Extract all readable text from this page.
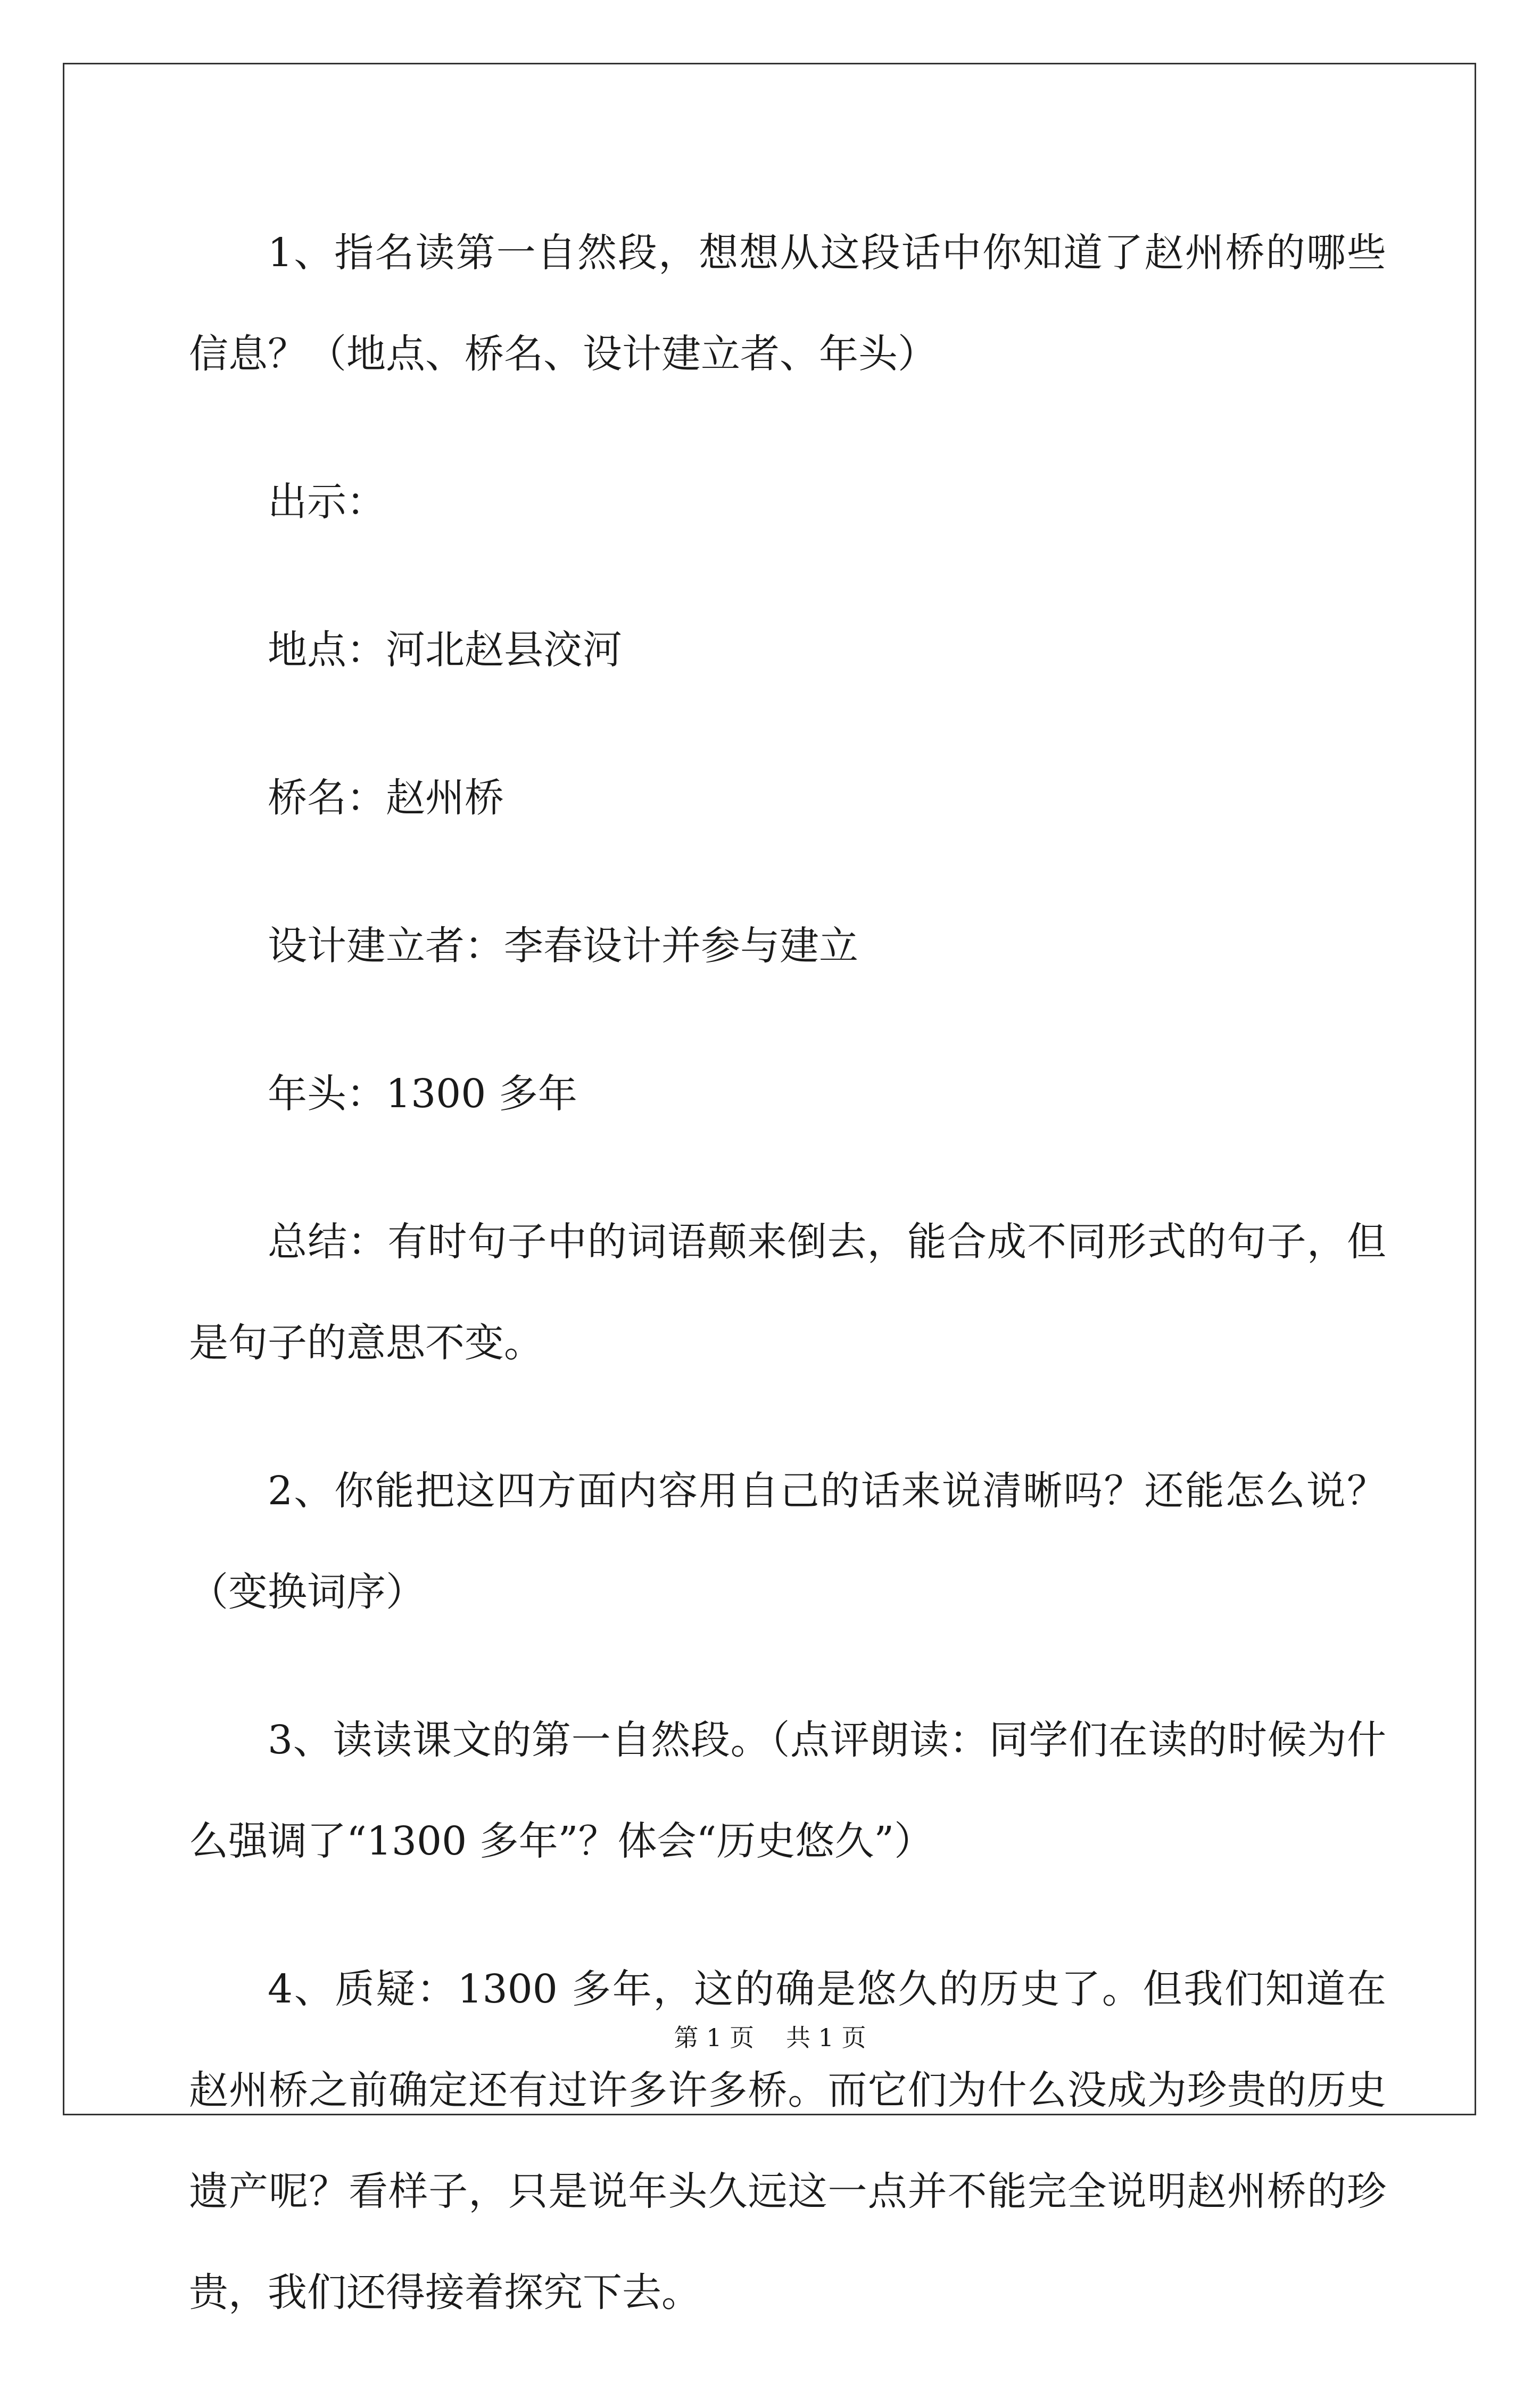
1、指名读第一自然段，想想从这段话中你知道了赵州桥的哪些信息？（地点、桥名、设计建立者、年头）

出示：

地点：河北赵县洨河

桥名：赵州桥

设计建立者：李春设计并参与建立

年头：1300 多年

总结：有时句子中的词语颠来倒去，能合成不同形式的句子，但是句子的意思不变。

2、你能把这四方面内容用自己的话来说清晰吗？还能怎么说？（变换词序）

3、读读课文的第一自然段。（点评朗读：同学们在读的时候为什么强调了“1300 多年”？体会“历史悠久”）

4、质疑：1300 多年，这的确是悠久的历史了。但我们知道在赵州桥之前确定还有过许多许多桥。而它们为什么没成为珍贵的历史遗产呢？看样子，只是说年头久远这一点并不能完全说明赵州桥的珍贵，我们还得接着探究下去。

第 1 页 共 1 页
